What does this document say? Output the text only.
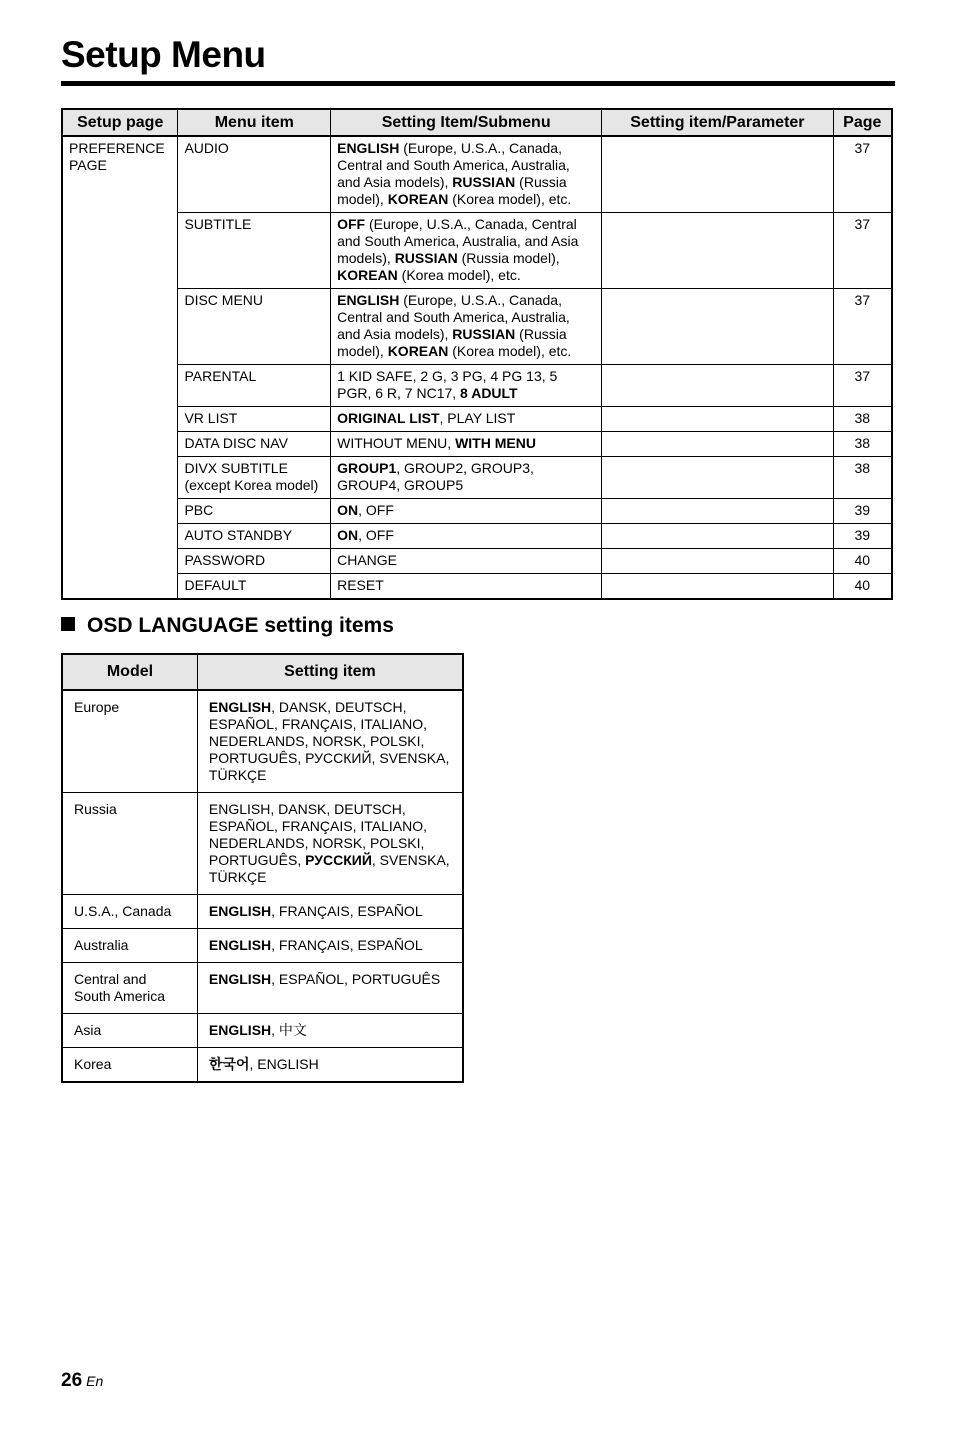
Setup Menu
Setup page	Menu item	Setting Item/Submenu	Setting item/Parameter	Page
PREFERENCE PAGE	AUDIO	ENGLISH (Europe, U.S.A., Canada, Central and South America, Australia, and Asia models), RUSSIAN (Russia model), KOREAN (Korea model), etc.		37
	SUBTITLE	OFF (Europe, U.S.A., Canada, Central and South America, Australia, and Asia models), RUSSIAN (Russia model), KOREAN (Korea model), etc.		37
	DISC MENU	ENGLISH (Europe, U.S.A., Canada, Central and South America, Australia, and Asia models), RUSSIAN (Russia model), KOREAN (Korea model), etc.		37
	PARENTAL	1 KID SAFE, 2 G, 3 PG, 4 PG 13, 5 PGR, 6 R, 7 NC17, 8 ADULT		37
	VR LIST	ORIGINAL LIST, PLAY LIST		38
	DATA DISC NAV	WITHOUT MENU, WITH MENU		38
	DIVX SUBTITLE (except Korea model)	GROUP1, GROUP2, GROUP3, GROUP4, GROUP5		38
	PBC	ON, OFF		39
	AUTO STANDBY	ON, OFF		39
	PASSWORD	CHANGE		40
	DEFAULT	RESET		40
OSD LANGUAGE setting items
Model	Setting item
Europe	ENGLISH, DANSK, DEUTSCH, ESPAÑOL, FRANÇAIS, ITALIANO, NEDERLANDS, NORSK, POLSKI, PORTUGUÊS, РУССКИЙ, SVENSKA, TÜRKÇE
Russia	ENGLISH, DANSK, DEUTSCH, ESPAÑOL, FRANÇAIS, ITALIANO, NEDERLANDS, NORSK, POLSKI, PORTUGUÊS, РУССКИЙ, SVENSKA, TÜRKÇE
U.S.A., Canada	ENGLISH, FRANÇAIS, ESPAÑOL
Australia	ENGLISH, FRANÇAIS, ESPAÑOL
Central and South America	ENGLISH, ESPAÑOL, PORTUGUÊS
Asia	ENGLISH, 中文
Korea	한국어, ENGLISH
26 En
